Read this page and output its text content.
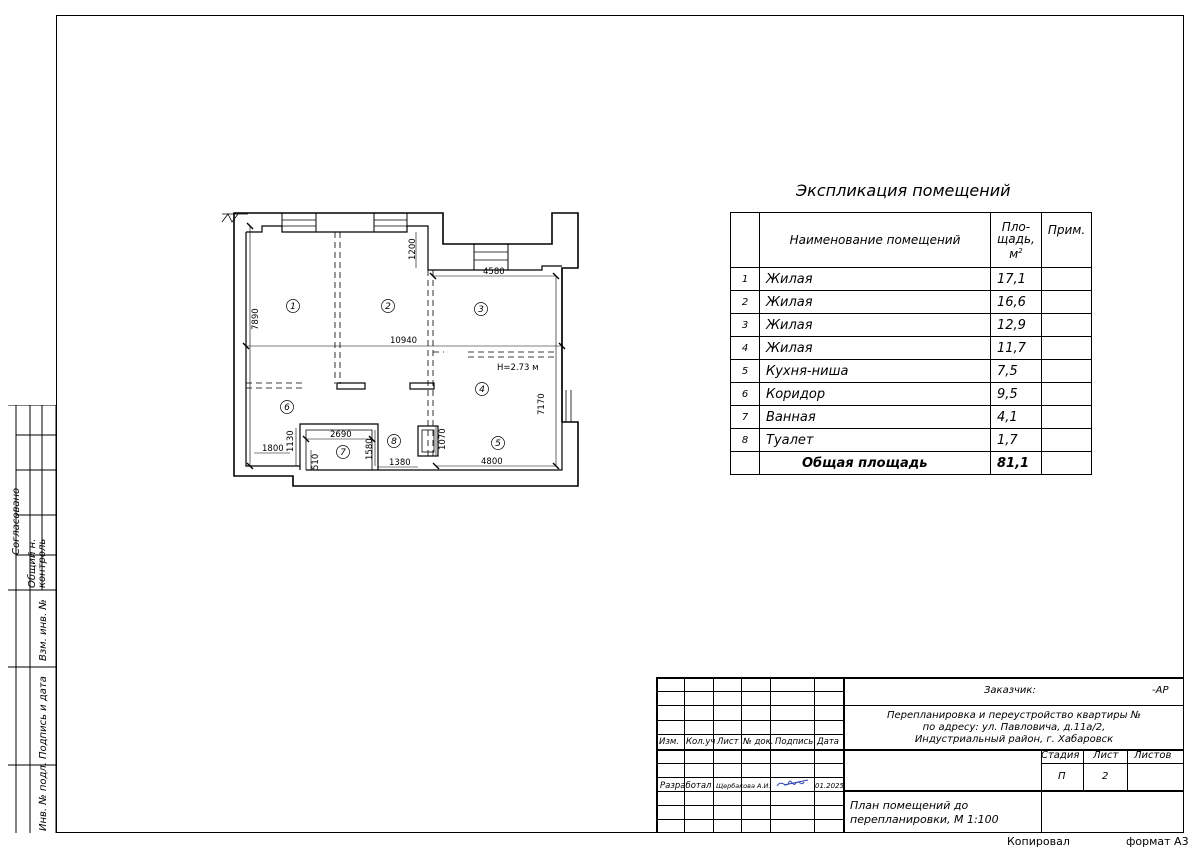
1	2	3
4
5
6
7
8
7890
1200
4580
10940
H=2.73 м
7170
1800 1130	2690
1580
510	1380
1070
4800
Экспликация помещений
	Наименование помещений	Пло-
щадь,
$м^2$	Прим.
1	Жилая	17,1	
2	Жилая	16,6	
3	Жилая	12,9	
4	Жилая	11,7	
5	Кухня-ниша	7,5	
6	Коридор	9,5	
7	Ванная	4,1	
8	Туалет	1,7	
	Общая площадь	81,1	
Согласовано
Общий н. контроль
Взм. инв. №
Подпись и дата
Инв. № подл.
Заказчик:	-АР
Перепланировка и переустройство квартиры №
по адресу: ул. Павловича, д.11а/2,
Индустриальный район, г. Хабаровск
Изм. Кол.уч Лист № док. Подпись Дата
Стадия Лист Листов
П	2
Разработал Щербакова А.И.	01.2025
План помещений до
перепланировки, М 1:100
Копировал	формат А3
